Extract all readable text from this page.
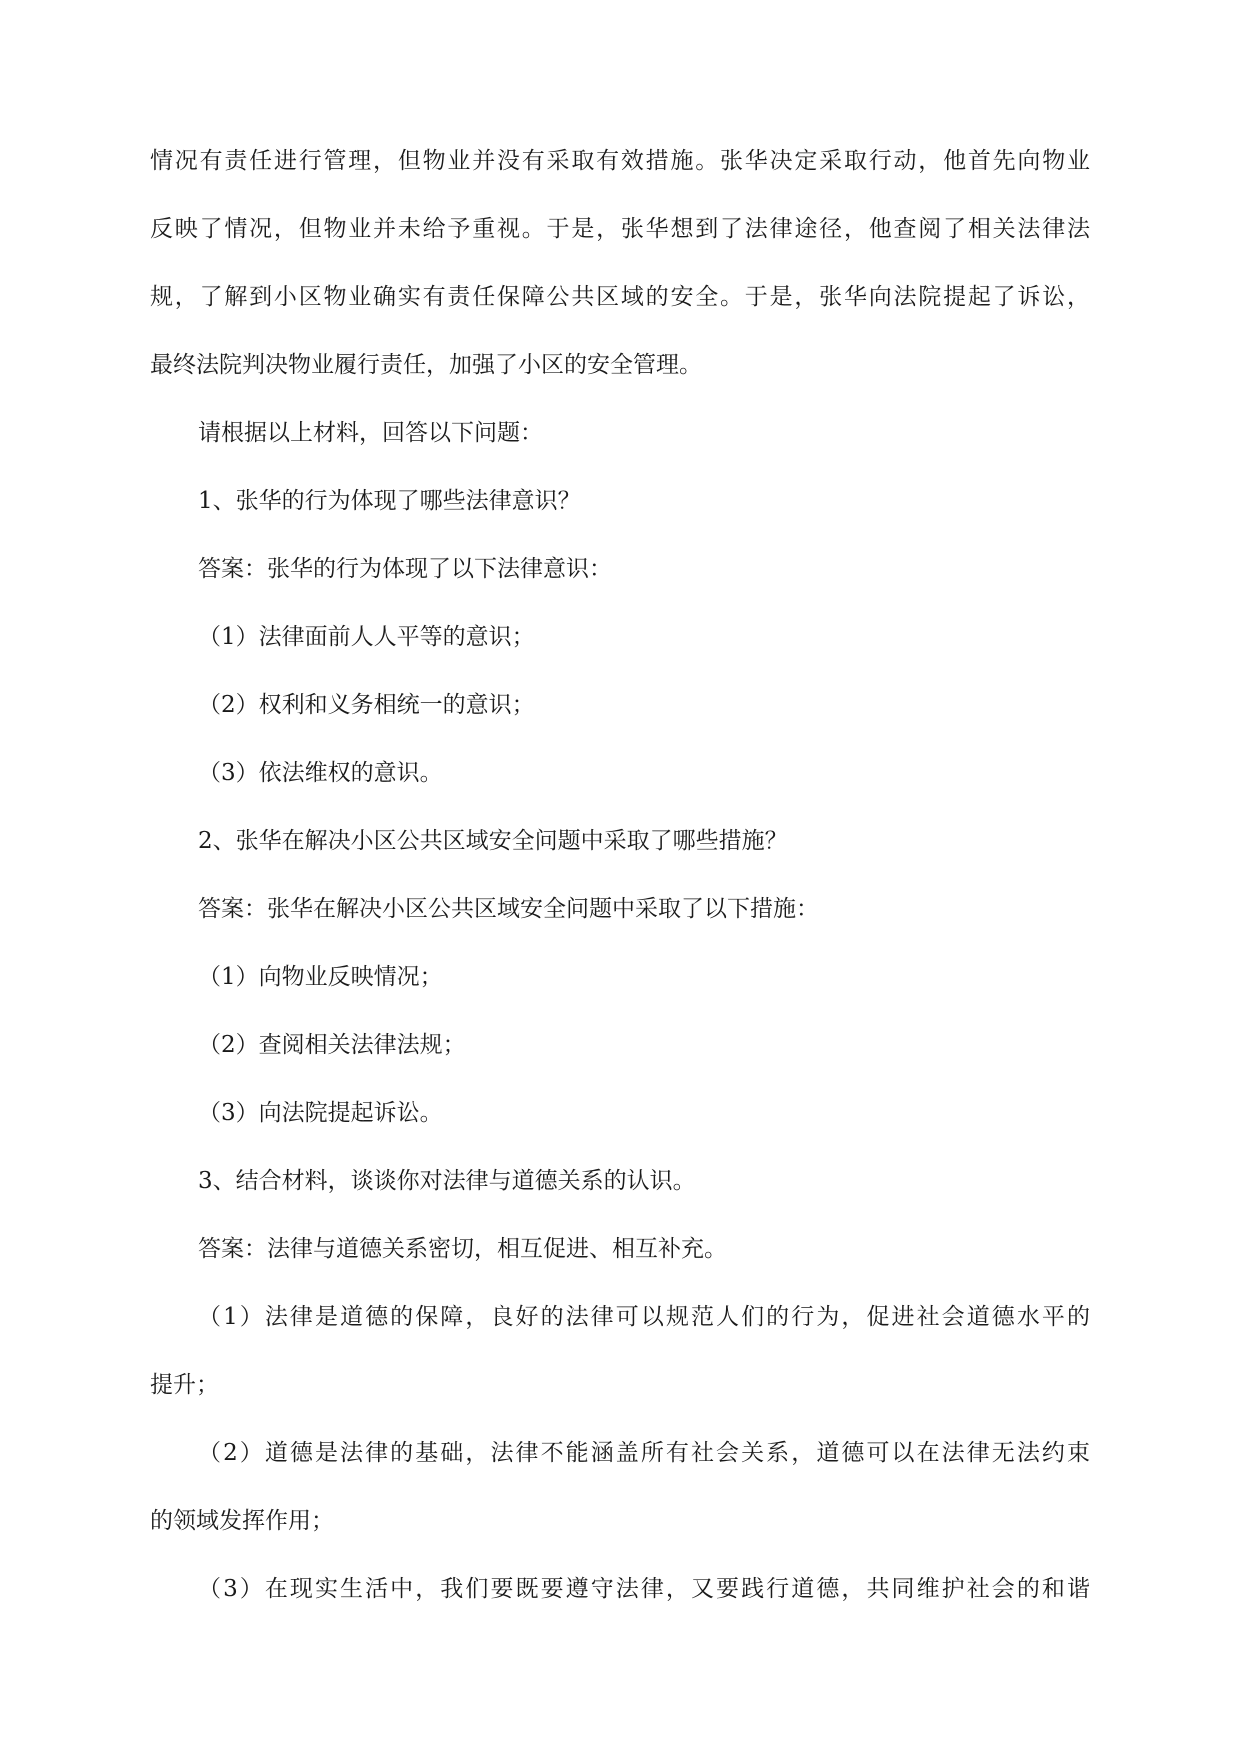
情况有责任进行管理，但物业并没有采取有效措施。张华决定采取行动，他首先向物业
反映了情况，但物业并未给予重视。于是，张华想到了法律途径，他查阅了相关法律法
规，了解到小区物业确实有责任保障公共区域的安全。于是，张华向法院提起了诉讼，
最终法院判决物业履行责任，加强了小区的安全管理。
请根据以上材料，回答以下问题：
1、张华的行为体现了哪些法律意识？
答案：张华的行为体现了以下法律意识：
（1）法律面前人人平等的意识；
（2）权利和义务相统一的意识；
（3）依法维权的意识。
2、张华在解决小区公共区域安全问题中采取了哪些措施？
答案：张华在解决小区公共区域安全问题中采取了以下措施：
（1）向物业反映情况；
（2）查阅相关法律法规；
（3）向法院提起诉讼。
3、结合材料，谈谈你对法律与道德关系的认识。
答案：法律与道德关系密切，相互促进、相互补充。
（1）法律是道德的保障，良好的法律可以规范人们的行为，促进社会道德水平的
提升；
（2）道德是法律的基础，法律不能涵盖所有社会关系，道德可以在法律无法约束
的领域发挥作用；
（3）在现实生活中，我们要既要遵守法律，又要践行道德，共同维护社会的和谐
